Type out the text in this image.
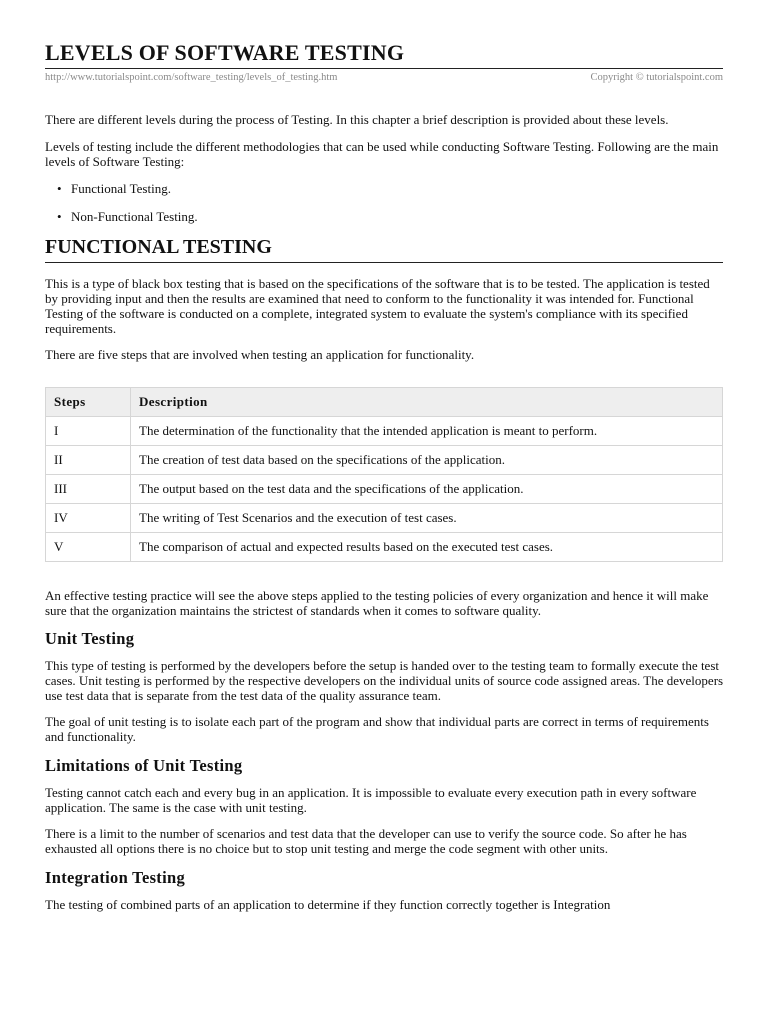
LEVELS OF SOFTWARE TESTING
http://www.tutorialspoint.com/software_testing/levels_of_testing.htm	Copyright © tutorialspoint.com

There are different levels during the process of Testing. In this chapter a brief description is provided about these levels.

Levels of testing include the different methodologies that can be used while conducting Software Testing. Following are the main levels of Software Testing:

• Functional Testing.
• Non-Functional Testing.
FUNCTIONAL TESTING

This is a type of black box testing that is based on the specifications of the software that is to be tested. The application is tested by providing input and then the results are examined that need to conform to the functionality it was intended for. Functional Testing of the software is conducted on a complete, integrated system to evaluate the system's compliance with its specified requirements.

There are five steps that are involved when testing an application for functionality.

Steps	Description
I	The determination of the functionality that the intended application is meant to perform.
II	The creation of test data based on the specifications of the application.
III	The output based on the test data and the specifications of the application.
IV	The writing of Test Scenarios and the execution of test cases.
V	The comparison of actual and expected results based on the executed test cases.

An effective testing practice will see the above steps applied to the testing policies of every organization and hence it will make sure that the organization maintains the strictest of standards when it comes to software quality.

Unit Testing

This type of testing is performed by the developers before the setup is handed over to the testing team to formally execute the test cases. Unit testing is performed by the respective developers on the individual units of source code assigned areas. The developers use test data that is separate from the test data of the quality assurance team.

The goal of unit testing is to isolate each part of the program and show that individual parts are correct in terms of requirements and functionality.

Limitations of Unit Testing

Testing cannot catch each and every bug in an application. It is impossible to evaluate every execution path in every software application. The same is the case with unit testing.

There is a limit to the number of scenarios and test data that the developer can use to verify the source code. So after he has exhausted all options there is no choice but to stop unit testing and merge the code segment with other units.

Integration Testing

The testing of combined parts of an application to determine if they function correctly together is Integration
